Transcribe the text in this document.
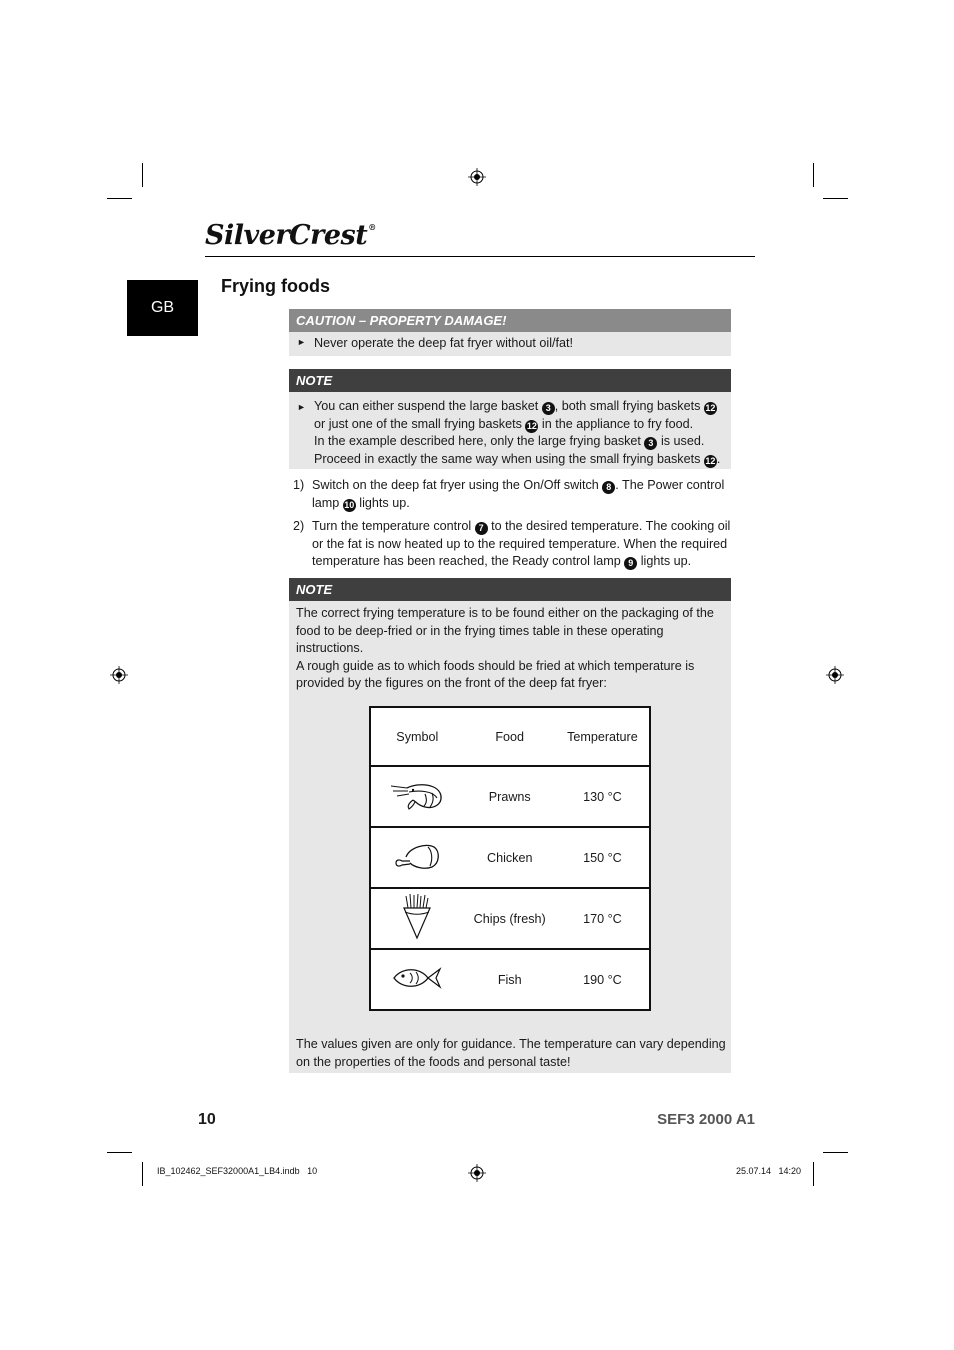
SilverCrest®
GB
Frying foods
CAUTION – PROPERTY DAMAGE!
► Never operate the deep fat fryer without oil/fat!
NOTE
► You can either suspend the large basket 3 , both small frying baskets 12
or just one of the small frying baskets 12 in the appliance to fry food.
In the example described here, only the large frying basket 3 is used.
Proceed in exactly the same way when using the small frying baskets 12 .
1) Switch on the deep fat fryer using the On/Off switch 8 . The Power control
lamp 10 lights up.
2) Turn the temperature control 7 to the desired temperature. The cooking oil
or the fat is now heated up to the required temperature. When the required
temperature has been reached, the Ready control lamp 9 lights up.
NOTE
The correct frying temperature is to be found either on the packaging of the
food to be deep-fried or in the frying times table in these operating instructions.
A rough guide as to which foods should be fried at which temperature is
provided by the figures on the front of the deep fat fryer:
The values given are only for guidance. The temperature can vary depending
on the properties of the foods and personal taste!
Symbol	Food	Temperature
	Prawns	130 °C
	Chicken	150 °C
	Chips (fresh)	170 °C
	Fish	190 °C
10	SEF3 2000 A1
IB_102462_SEF32000A1_LB4.indb   10	25.07.14   14:20
